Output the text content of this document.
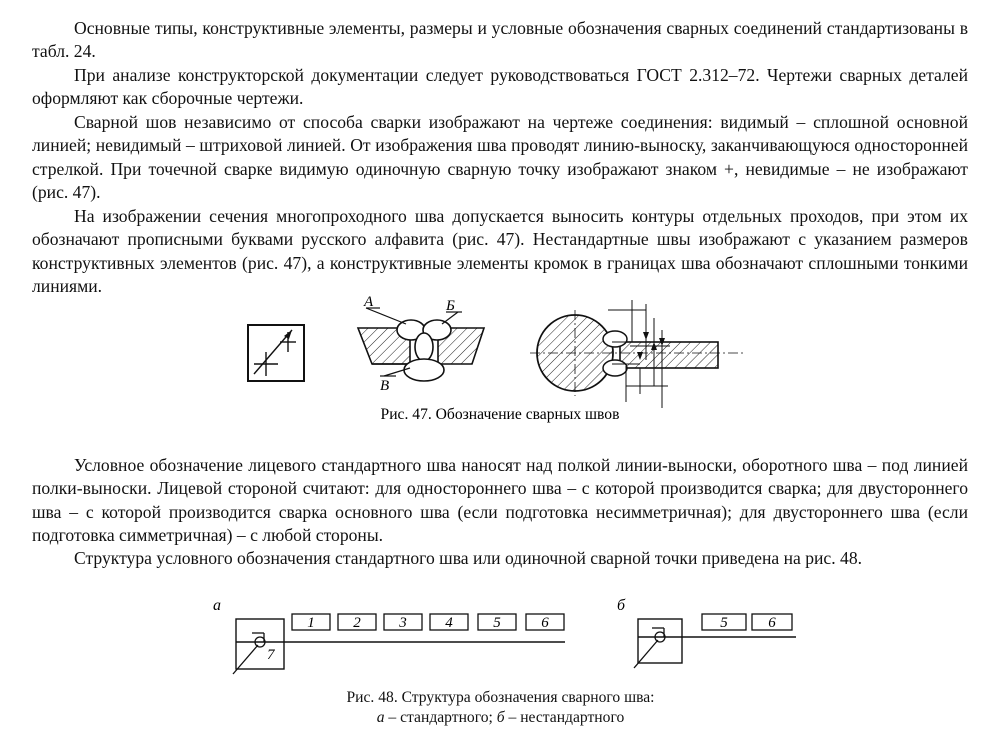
Основные типы, конструктивные элементы, размеры и условные обозначения сварных соединений стандартизованы в табл. 24.

При анализе конструкторской документации следует руководствоваться ГОСТ 2.312–72. Чертежи сварных деталей оформляют как сборочные чертежи.

Сварной шов независимо от способа сварки изображают на чертеже соединения: видимый – сплошной основной линией; невидимый – штриховой линией. От изображения шва проводят линию-выноску, заканчивающуюся односторонней стрелкой. При точечной сварке видимую одиночную сварную точку изображают знаком +, невидимые – не изображают (рис. 47).

На изображении сечения многопроходного шва допускается выносить контуры отдельных проходов, при этом их обозначают прописными буквами русского алфавита (рис. 47). Нестандартные швы изображают с указанием размеров конструктивных элементов (рис. 47), а конструктивные элементы кромок в границах шва обозначают сплошными тонкими линиями.

А	Б
В
Рис. 47. Обозначение сварных швов

Условное обозначение лицевого стандартного шва наносят над полкой линии-выноски, оборотного шва – под линией полки-выноски. Лицевой стороной считают: для одностороннего шва – с которой производится сварка; для двустороннего шва – с которой производится сварка основного шва (если подготовка несимметричная); для двустороннего шва (если подготовка симметричная) – с любой стороны.

Структура условного обозначения стандартного шва или одиночной сварной точки приведена на рис. 48.

а
7
1	2	3	4	5	6
б
5	6

Рис. 48. Структура обозначения сварного шва:

а – стандартного; б – нестандартного
